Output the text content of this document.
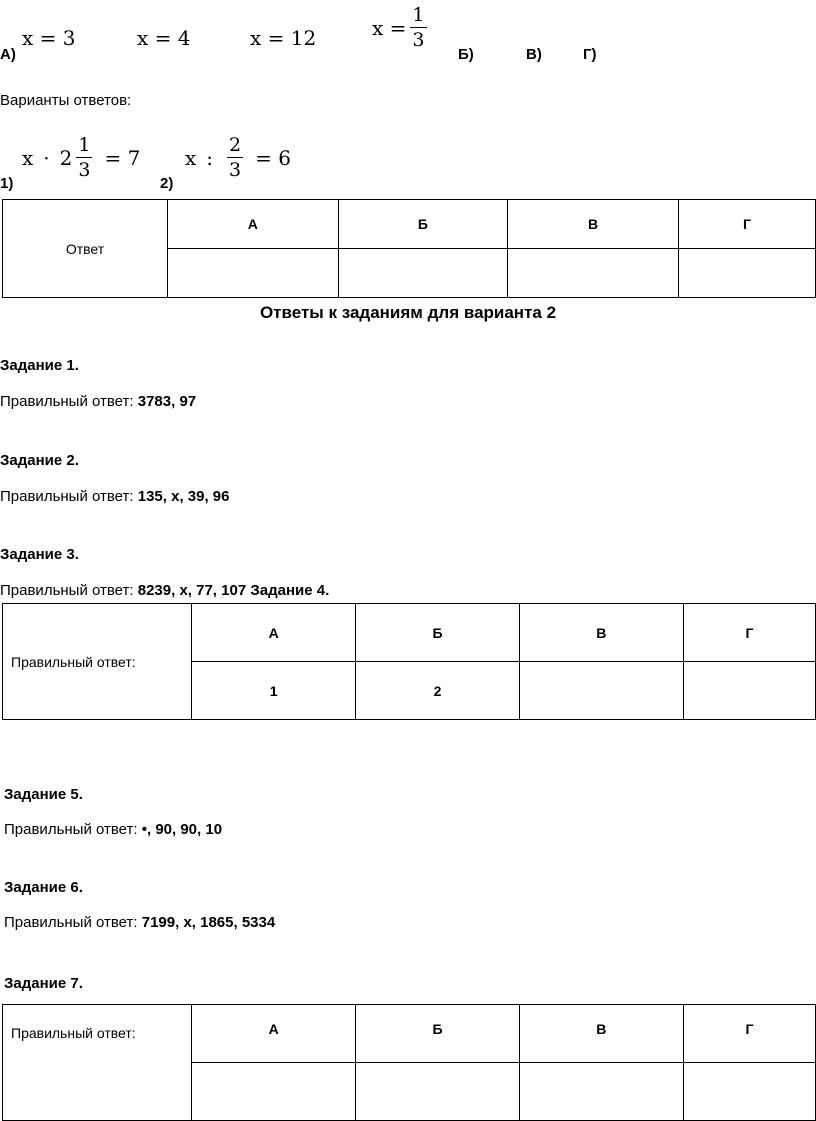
А)
x = 3	x = 4	x = 12	$x = \frac{1}{3}$
Б)	В)	Г)
Варианты ответов:
$x \cdot 2 \frac{1}{3} = 7$
1)
x : $\frac{2}{3} = 6$
2)
Ответ	А	Б	В	Г

Ответы к заданиям для варианта 2
Задание 1.
Правильный ответ: 3783, 97
Задание 2.
Правильный ответ: 135, x, 39, 96
Задание 3.
Правильный ответ: 8239, x, 77, 107 Задание 4.
Правильный ответ:	А	Б	В	Г
	1	2		
Задание 5.
Правильный ответ: •, 90, 90, 10
Задание 6.
Правильный ответ: 7199, x, 1865, 5334
Задание 7.
Правильный ответ:	А	Б	В	Г
